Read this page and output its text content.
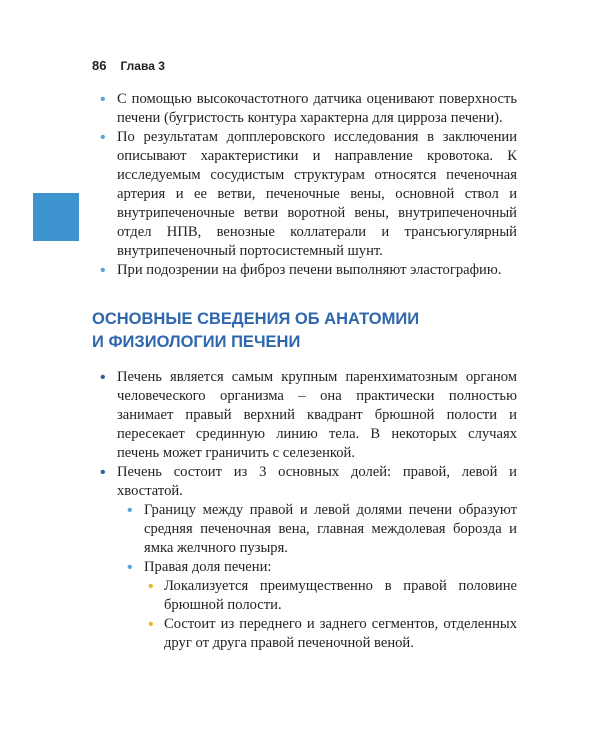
86 Глава 3
• С помощью высокочастотного датчика оценивают поверхность печени (бугристость контура характерна для цирроза печени).
• По результатам допплеровского исследования в заключении описывают характеристики и направление кровотока. К исследуемым сосудистым структурам относятся печеночная артерия и ее ветви, печеночные вены, основной ствол и внутрипеченочные ветви воротной вены, внутрипеченочный отдел НПВ, венозные коллатерали и трансъюгулярный внутрипеченочный портосистемный шунт.
• При подозрении на фиброз печени выполняют эластографию.
ОСНОВНЫЕ СВЕДЕНИЯ ОБ АНАТОМИИ
И ФИЗИОЛОГИИ ПЕЧЕНИ
• Печень является самым крупным паренхиматозным органом человеческого организма – она практически полностью занимает правый верхний квадрант брюшной полости и пересекает срединную линию тела. В некоторых случаях печень может граничить с селезенкой.
• Печень состоит из 3 основных долей: правой, левой и хвостатой.
• Границу между правой и левой долями печени образуют средняя печеночная вена, главная междолевая борозда и ямка желчного пузыря.
• Правая доля печени:
• Локализуется преимущественно в правой половине брюшной полости.
• Состоит из переднего и заднего сегментов, отделенных друг от друга правой печеночной веной.
